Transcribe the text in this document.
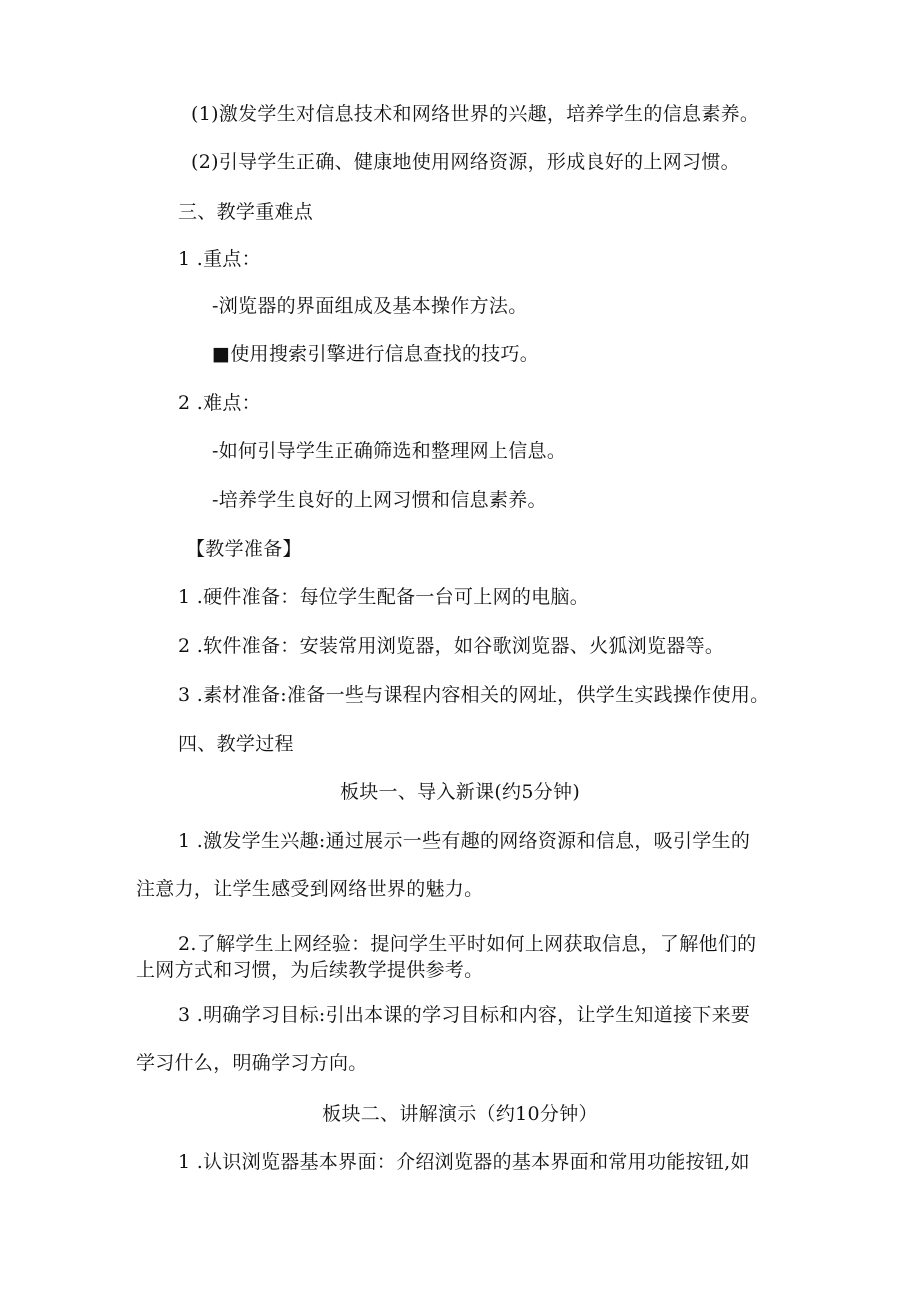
(1)激发学生对信息技术和网络世界的兴趣，培养学生的信息素养。
(2)引导学生正确、健康地使用网络资源，形成良好的上网习惯。
三、教学重难点
1 .重点：
-浏览器的界面组成及基本操作方法。
■使用搜索引擎进行信息查找的技巧。
2 .难点：
-如何引导学生正确筛选和整理网上信息。
-培养学生良好的上网习惯和信息素养。
【教学准备】
1 .硬件准备：每位学生配备一台可上网的电脑。
2 .软件准备：安装常用浏览器，如谷歌浏览器、火狐浏览器等。
3 .素材准备:准备一些与课程内容相关的网址，供学生实践操作使用。
四、教学过程
板块一、导入新课(约5分钟)
1 .激发学生兴趣:通过展示一些有趣的网络资源和信息，吸引学生的
注意力，让学生感受到网络世界的魅力。
2.了解学生上网经验：提问学生平时如何上网获取信息，了解他们的
上网方式和习惯，为后续教学提供参考。
3 .明确学习目标:引出本课的学习目标和内容，让学生知道接下来要
学习什么，明确学习方向。
板块二、讲解演示（约10分钟）
1 .认识浏览器基本界面：介绍浏览器的基本界面和常用功能按钮,如
